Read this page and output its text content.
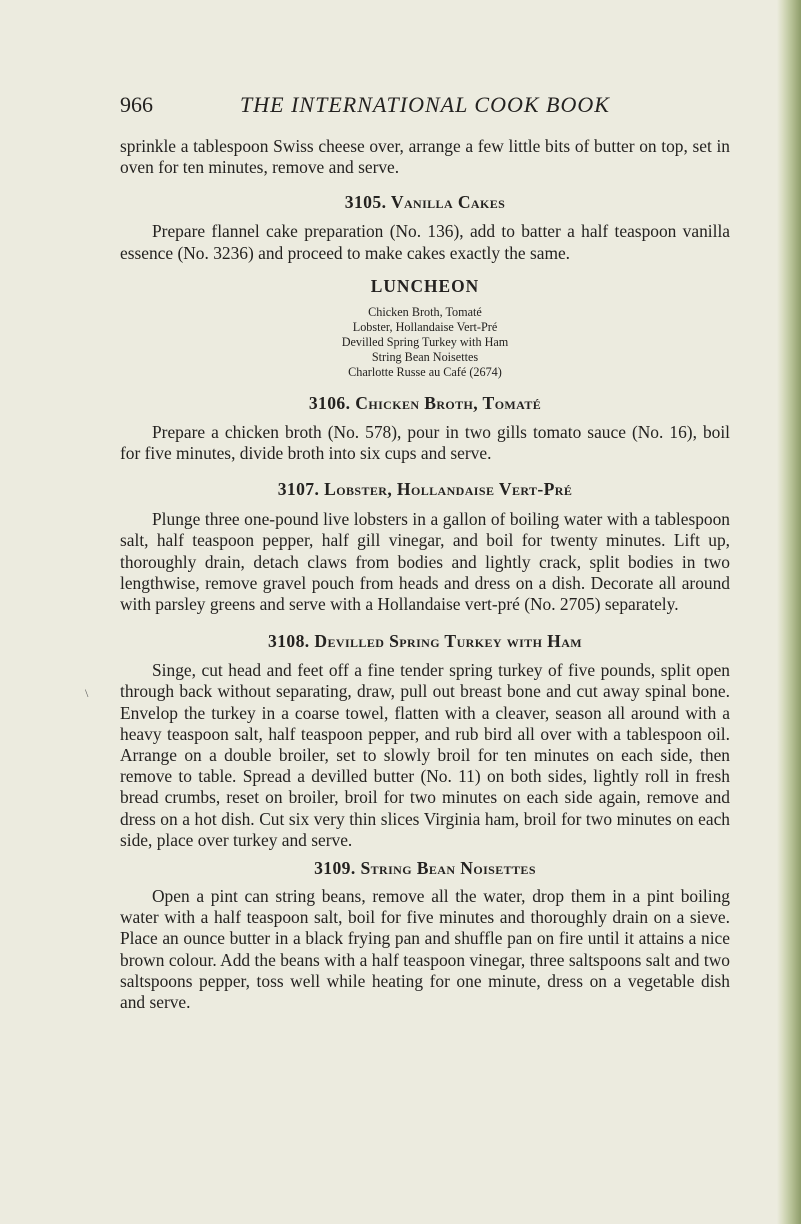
\
966	THE INTERNATIONAL COOK BOOK

sprinkle a tablespoon Swiss cheese over, arrange a few little bits of butter on top, set in oven for ten minutes, remove and serve.

3105. Vanilla Cakes

Prepare flannel cake preparation (No. 136), add to batter a half teaspoon vanilla essence (No. 3236) and proceed to make cakes exactly the same.

LUNCHEON
Chicken Broth, Tomaté
Lobster, Hollandaise Vert-Pré
Devilled Spring Turkey with Ham
String Bean Noisettes
Charlotte Russe au Café (2674)
3106. Chicken Broth, Tomaté

Prepare a chicken broth (No. 578), pour in two gills tomato sauce (No. 16), boil for five minutes, divide broth into six cups and serve.

3107. Lobster, Hollandaise Vert-Pré

Plunge three one-pound live lobsters in a gallon of boiling water with a tablespoon salt, half teaspoon pepper, half gill vinegar, and boil for twenty minutes. Lift up, thoroughly drain, detach claws from bodies and lightly crack, split bodies in two lengthwise, remove gravel pouch from heads and dress on a dish. Decorate all around with parsley greens and serve with a Hollandaise vert-pré (No. 2705) separately.

3108. Devilled Spring Turkey with Ham

Singe, cut head and feet off a fine tender spring turkey of five pounds, split open through back without separating, draw, pull out breast bone and cut away spinal bone. Envelop the turkey in a coarse towel, flatten with a cleaver, season all around with a heavy teaspoon salt, half teaspoon pepper, and rub bird all over with a tablespoon oil. Arrange on a double broiler, set to slowly broil for ten minutes on each side, then remove to table. Spread a devilled butter (No. 11) on both sides, lightly roll in fresh bread crumbs, reset on broiler, broil for two minutes on each side again, remove and dress on a hot dish. Cut six very thin slices Virginia ham, broil for two minutes on each side, place over turkey and serve.

3109. String Bean Noisettes

Open a pint can string beans, remove all the water, drop them in a pint boiling water with a half teaspoon salt, boil for five minutes and thoroughly drain on a sieve. Place an ounce butter in a black frying pan and shuffle pan on fire until it attains a nice brown colour. Add the beans with a half teaspoon vinegar, three saltspoons salt and two saltspoons pepper, toss well while heating for one minute, dress on a vegetable dish and serve.
